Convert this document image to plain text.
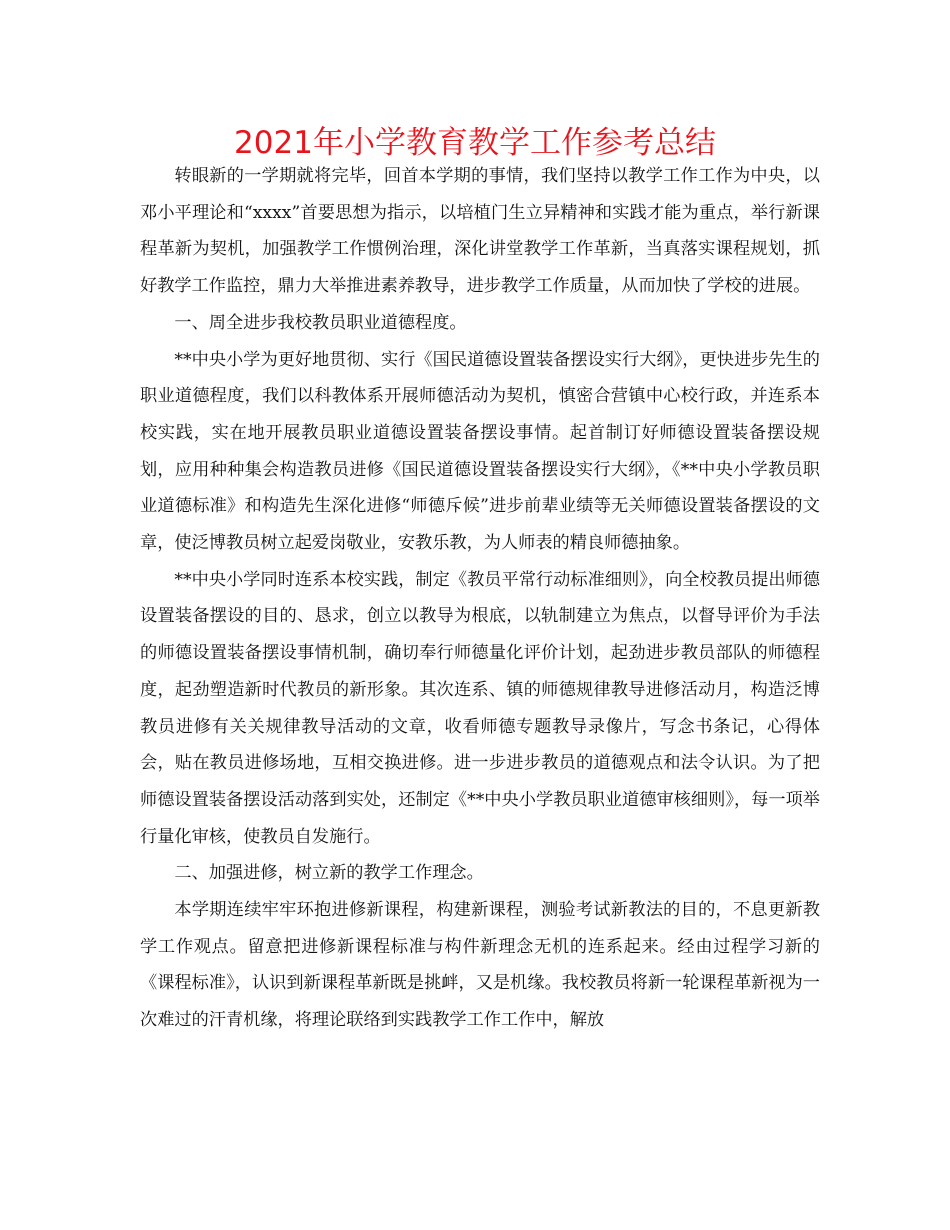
2021年小学教育教学工作参考总结

转眼新的一学期就将完毕，回首本学期的事情，我们坚持以教学工作工作为中央，以邓小平理论和“xxxx”首要思想为指示，以培植门生立异精神和实践才能为重点，举行新课程革新为契机，加强教学工作惯例治理，深化讲堂教学工作革新，当真落实课程规划，抓好教学工作监控，鼎力大举推进素养教导，进步教学工作质量，从而加快了学校的进展。

一、周全进步我校教员职业道德程度。

**中央小学为更好地贯彻、实行《国民道德设置装备摆设实行大纲》，更快进步先生的职业道德程度，我们以科教体系开展师德活动为契机，慎密合营镇中心校行政，并连系本校实践，实在地开展教员职业道德设置装备摆设事情。起首制订好师德设置装备摆设规划，应用种种集会构造教员进修《国民道德设置装备摆设实行大纲》，《**中央小学教员职业道德标准》和构造先生深化进修“师德斥候”进步前辈业绩等无关师德设置装备摆设的文章，使泛博教员树立起爱岗敬业，安教乐教，为人师表的精良师德抽象。

**中央小学同时连系本校实践，制定《教员平常行动标准细则》，向全校教员提出师德设置装备摆设的目的、恳求，创立以教导为根底，以轨制建立为焦点，以督导评价为手法的师德设置装备摆设事情机制，确切奉行师德量化评价计划，起劲进步教员部队的师德程度，起劲塑造新时代教员的新形象。其次连系、镇的师德规律教导进修活动月，构造泛博教员进修有关关规律教导活动的文章，收看师德专题教导录像片，写念书条记，心得体会，贴在教员进修场地，互相交换进修。进一步进步教员的道德观点和法令认识。为了把师德设置装备摆设活动落到实处，还制定《**中央小学教员职业道德审核细则》，每一项举行量化审核，使教员自发施行。

二、加强进修，树立新的教学工作理念。

本学期连续牢牢环抱进修新课程，构建新课程，测验考试新教法的目的，不息更新教学工作观点。留意把进修新课程标准与构件新理念无机的连系起来。经由过程学习新的《课程标准》，认识到新课程革新既是挑衅，又是机缘。我校教员将新一轮课程革新视为一次难过的汗青机缘，将理论联络到实践教学工作工作中，解放
